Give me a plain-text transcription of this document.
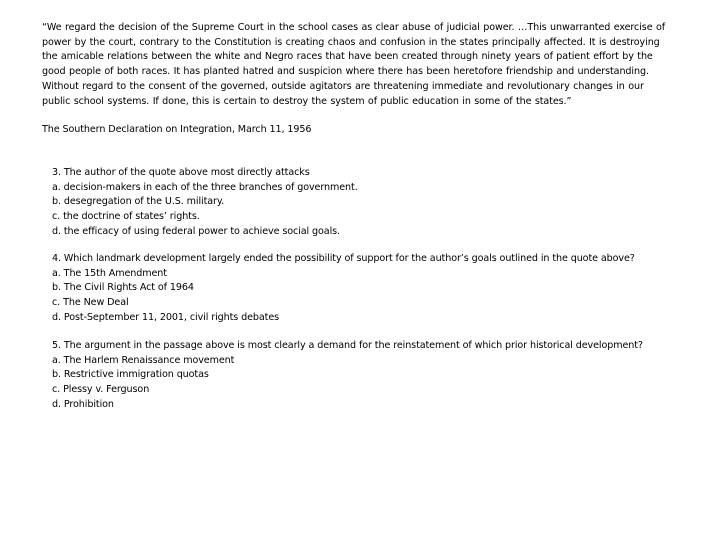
“We regard the decision of the Supreme Court in the school cases as clear abuse of judicial power. …This unwarranted exercise of
power by the court, contrary to the Constitution is creating chaos and confusion in the states principally affected. It is destroying
the amicable relations between the white and Negro races that have been created through ninety years of patient effort by the
good people of both races. It has planted hatred and suspicion where there has been heretofore friendship and understanding.
Without regard to the consent of the governed, outside agitators are threatening immediate and revolutionary changes in our
public school systems. If done, this is certain to destroy the system of public education in some of the states.”
The Southern Declaration on Integration, March 11, 1956
3. The author of the quote above most directly attacks
a. decision-makers in each of the three branches of government.
b. desegregation of the U.S. military.
c. the doctrine of states’ rights.
d. the efficacy of using federal power to achieve social goals.
4. Which landmark development largely ended the possibility of support for the author’s goals outlined in the quote above?
a. The 15th Amendment
b. The Civil Rights Act of 1964
c. The New Deal
d. Post-September 11, 2001, civil rights debates
5. The argument in the passage above is most clearly a demand for the reinstatement of which prior historical development?
a. The Harlem Renaissance movement
b. Restrictive immigration quotas
c. Plessy v. Ferguson
d. Prohibition
